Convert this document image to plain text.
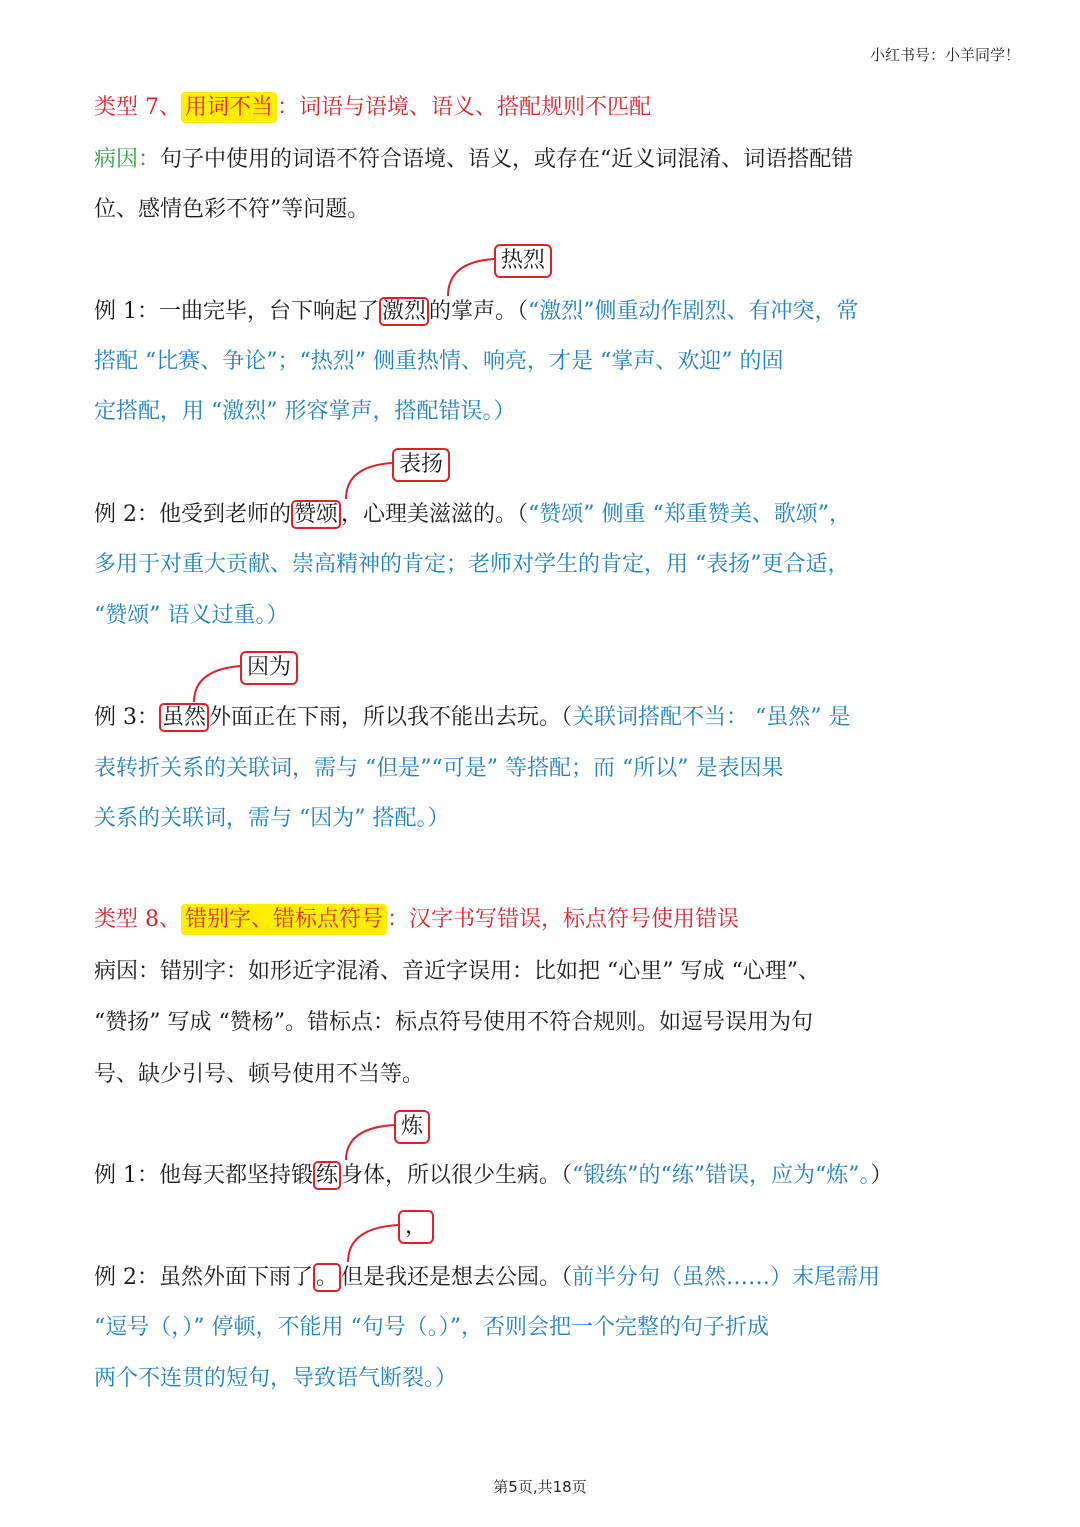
小红书号：小羊同学！
类型 7、 用词不当 ：词语与语境、语义、搭配规则不匹配
病因：句子中使用的词语不符合语境、语义，或存在“近义词混淆、词语搭配错
位、感情色彩不符”等问题。
热烈
例 1：一曲完毕，台下响起了 激烈 的掌声。（“激烈”侧重动作剧烈、有冲突，常
搭配 “比赛、争论”；“热烈” 侧重热情、响亮，才是 “掌声、欢迎” 的固
定搭配，用 “激烈” 形容掌声，搭配错误。）
表扬
例 2：他受到老师的 赞颂 ，心理美滋滋的。（“赞颂” 侧重 “郑重赞美、歌颂”，
多用于对重大贡献、崇高精神的肯定；老师对学生的肯定，用 “表扬”更合适，
“赞颂” 语义过重。）
因为
例 3： 虽然 外面正在下雨，所以我不能出去玩。（关联词搭配不当： “虽然” 是
表转折关系的关联词，需与 “但是”“可是” 等搭配；而 “所以” 是表因果
关系的关联词，需与 “因为” 搭配。）
类型 8、 错别字、错标点符号 ：汉字书写错误，标点符号使用错误
病因：错别字：如形近字混淆、音近字误用：比如把 “心里” 写成 “心理”、
“赞扬” 写成 “赞杨”。错标点：标点符号使用不符合规则。如逗号误用为句
号、缺少引号、顿号使用不当等。
炼
例 1：他每天都坚持锻 练 身体，所以很少生病。（“锻练”的“练”错误，应为“炼”。）
，
例 2：虽然外面下雨了 。 但是我还是想去公园。（前半分句（虽然……）末尾需用
“逗号（，）” 停顿，不能用 “句号（。）”，否则会把一个完整的句子折成
两个不连贯的短句，导致语气断裂。）
第5页,共18页
